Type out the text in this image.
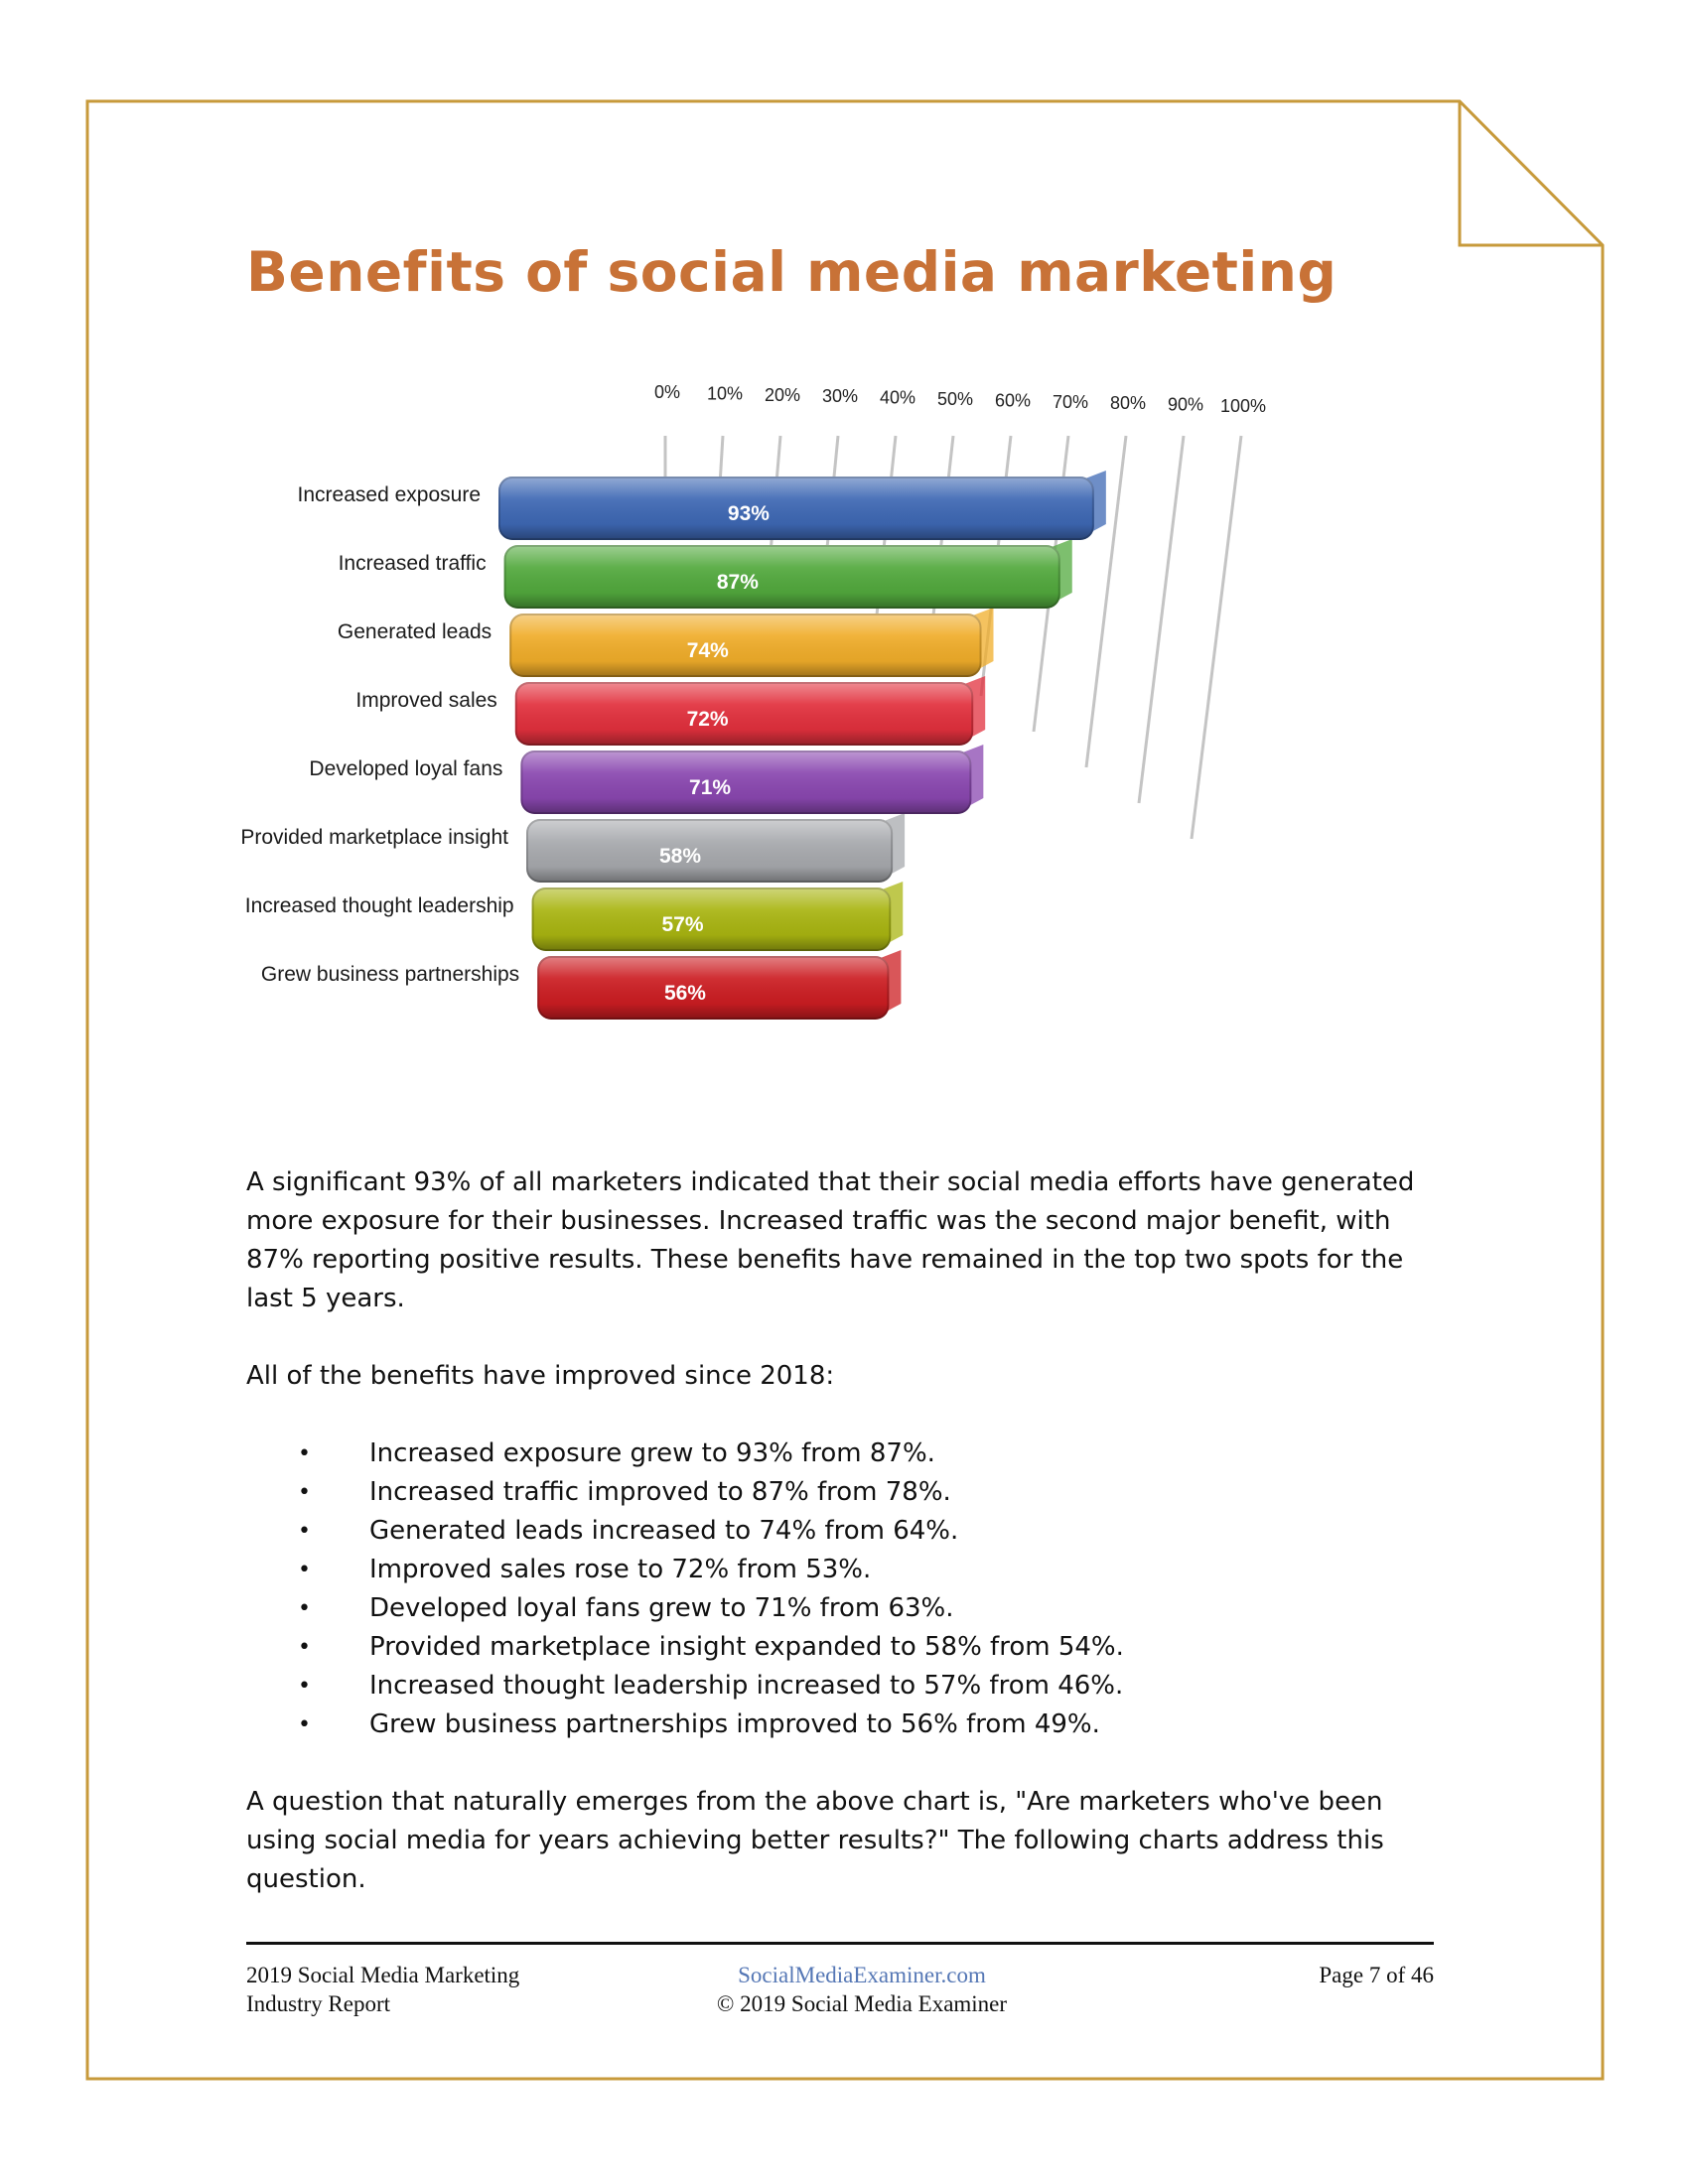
Benefits of social media marketing
0% 10% 20% 30% 40% 50% 60% 70% 80% 90% 100%
56%
57%
58%
71%
72%
74%
87%
93%
Grew business partnerships
Increased thought leadership
Provided marketplace insight
Developed loyal fans
Improved sales
Generated leads
Increased traffic
Increased exposure

A significant 93% of all marketers indicated that their social media efforts have generated more exposure for their businesses. Increased traffic was the second major benefit, with 87% reporting positive results. These benefits have remained in the top two spots for the last 5 years.

All of the benefits have improved since 2018:

• Increased exposure grew to 93% from 87%.
• Increased traffic improved to 87% from 78%.
• Generated leads increased to 74% from 64%.
• Improved sales rose to 72% from 53%.
• Developed loyal fans grew to 71% from 63%.
• Provided marketplace insight expanded to 58% from 54%.
• Increased thought leadership increased to 57% from 46%.
• Grew business partnerships improved to 56% from 49%.

A question that naturally emerges from the above chart is, "Are marketers who've been using social media for years achieving better results?" The following charts address this question.

2019 Social Media Marketing
Industry Report
SocialMediaExaminer.com
© 2019 Social Media Examiner
Page 7 of 46
